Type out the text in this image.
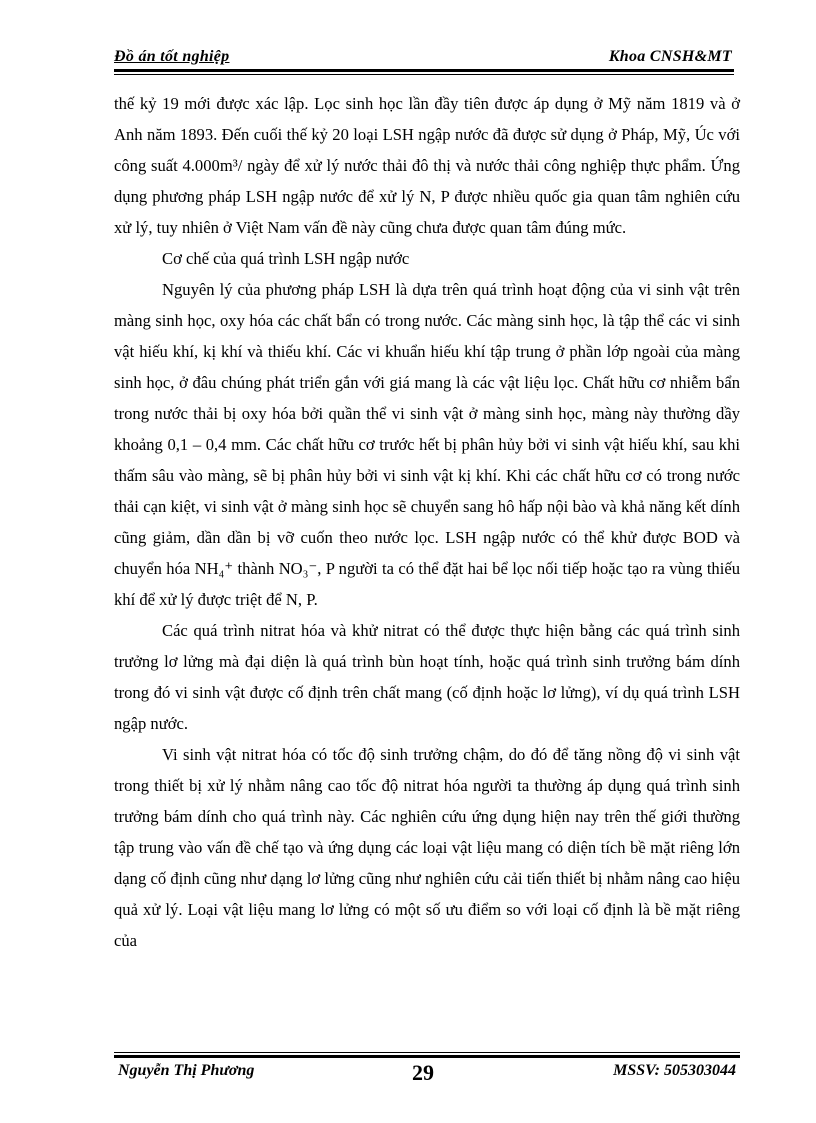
Đồ án tốt nghiệp	Khoa CNSH&MT

thế kỷ 19 mới được xác lập. Lọc sinh học lần đầy tiên được áp dụng ở Mỹ năm 1819 và ở Anh năm 1893. Đến cuối thế kỷ 20 loại LSH ngập nước đã được sử dụng ở Pháp, Mỹ, Úc với công suất 4.000m³/ ngày để xử lý nước thải đô thị và nước thải công nghiệp thực phẩm. Ứng dụng phương pháp LSH ngập nước để xử lý N, P được nhiều quốc gia quan tâm nghiên cứu xử lý, tuy nhiên ở Việt Nam vấn đề này cũng chưa được quan tâm đúng mức.

Cơ chế của quá trình LSH ngập nước

Nguyên lý của phương pháp LSH là dựa trên quá trình hoạt động của vi sinh vật trên màng sinh học, oxy hóa các chất bẩn có trong nước. Các màng sinh học, là tập thể các vi sinh vật hiếu khí, kị khí và thiếu khí. Các vi khuẩn hiếu khí tập trung ở phần lớp ngoài của màng sinh học, ở đâu chúng phát triển gắn với giá mang là các vật liệu lọc. Chất hữu cơ nhiễm bẩn trong nước thải bị oxy hóa bởi quần thể vi sinh vật ở màng sinh học, màng này thường dầy khoảng 0,1 – 0,4 mm. Các chất hữu cơ trước hết bị phân hủy bởi vi sinh vật hiếu khí, sau khi thấm sâu vào màng, sẽ bị phân hủy bởi vi sinh vật kị khí. Khi các chất hữu cơ có trong nước thải cạn kiệt, vi sinh vật ở màng sinh học sẽ chuyển sang hô hấp nội bào và khả năng kết dính cũng giảm, dần dần bị vỡ cuốn theo nước lọc. LSH ngập nước có thể khử được BOD và chuyển hóa NH₄⁺ thành NO₃⁻, P người ta có thể đặt hai bể lọc nối tiếp hoặc tạo ra vùng thiếu khí để xử lý được triệt để N, P.

Các quá trình nitrat hóa và khử nitrat có thể được thực hiện bằng các quá trình sinh trưởng lơ lửng mà đại diện là quá trình bùn hoạt tính, hoặc quá trình sinh trưởng bám dính trong đó vi sinh vật được cố định trên chất mang (cố định hoặc lơ lửng), ví dụ quá trình LSH ngập nước.

Vi sinh vật nitrat hóa có tốc độ sinh trưởng chậm, do đó để tăng nồng độ vi sinh vật trong thiết bị xử lý nhằm nâng cao tốc độ nitrat hóa người ta thường áp dụng quá trình sinh trưởng bám dính cho quá trình này. Các nghiên cứu ứng dụng hiện nay trên thế giới thường tập trung vào vấn đề chế tạo và ứng dụng các loại vật liệu mang có diện tích bề mặt riêng lớn dạng cố định cũng như dạng lơ lửng cũng như nghiên cứu cải tiến thiết bị nhằm nâng cao hiệu quả xử lý. Loại vật liệu mang lơ lửng có một số ưu điểm so với loại cố định là bề mặt riêng của

Nguyễn Thị Phương	29	MSSV: 505303044
